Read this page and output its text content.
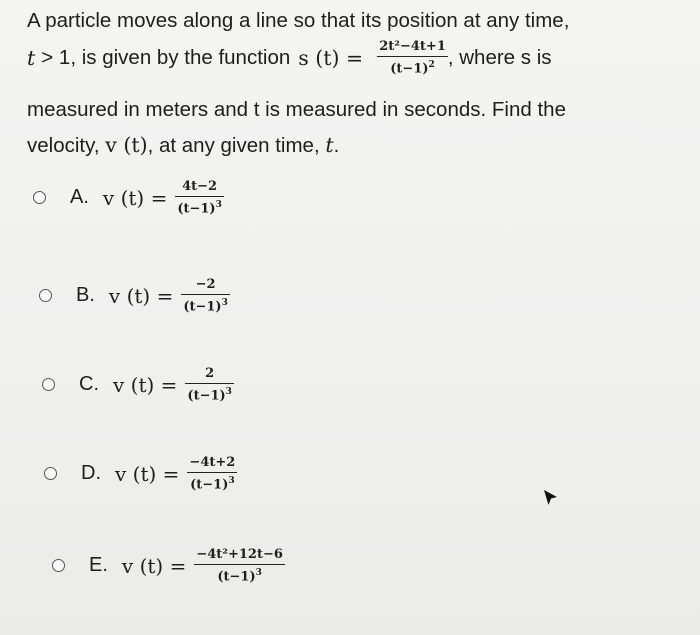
A particle moves along a line so that its position at any time,
t > 1, is given by the function s $(t) = \frac{\text{2t²−4t+1}}{(t-1)^2}$ , where s is
measured in meters and t is measured in seconds. Find the
velocity, v (t), at any given time, t.
A. v $(t) = \frac{4t-2}{(t-1)^3}$
B. v $(t) = \frac{-2}{(t-1)^3}$
C. v $(t) = \frac{2}{(t-1)^3}$
D. v $(t) = \frac{-4t+2}{(t-1)^3}$
E. v $(t) = \frac{\text{−4t²+12t−6}}{(t-1)^3}$
